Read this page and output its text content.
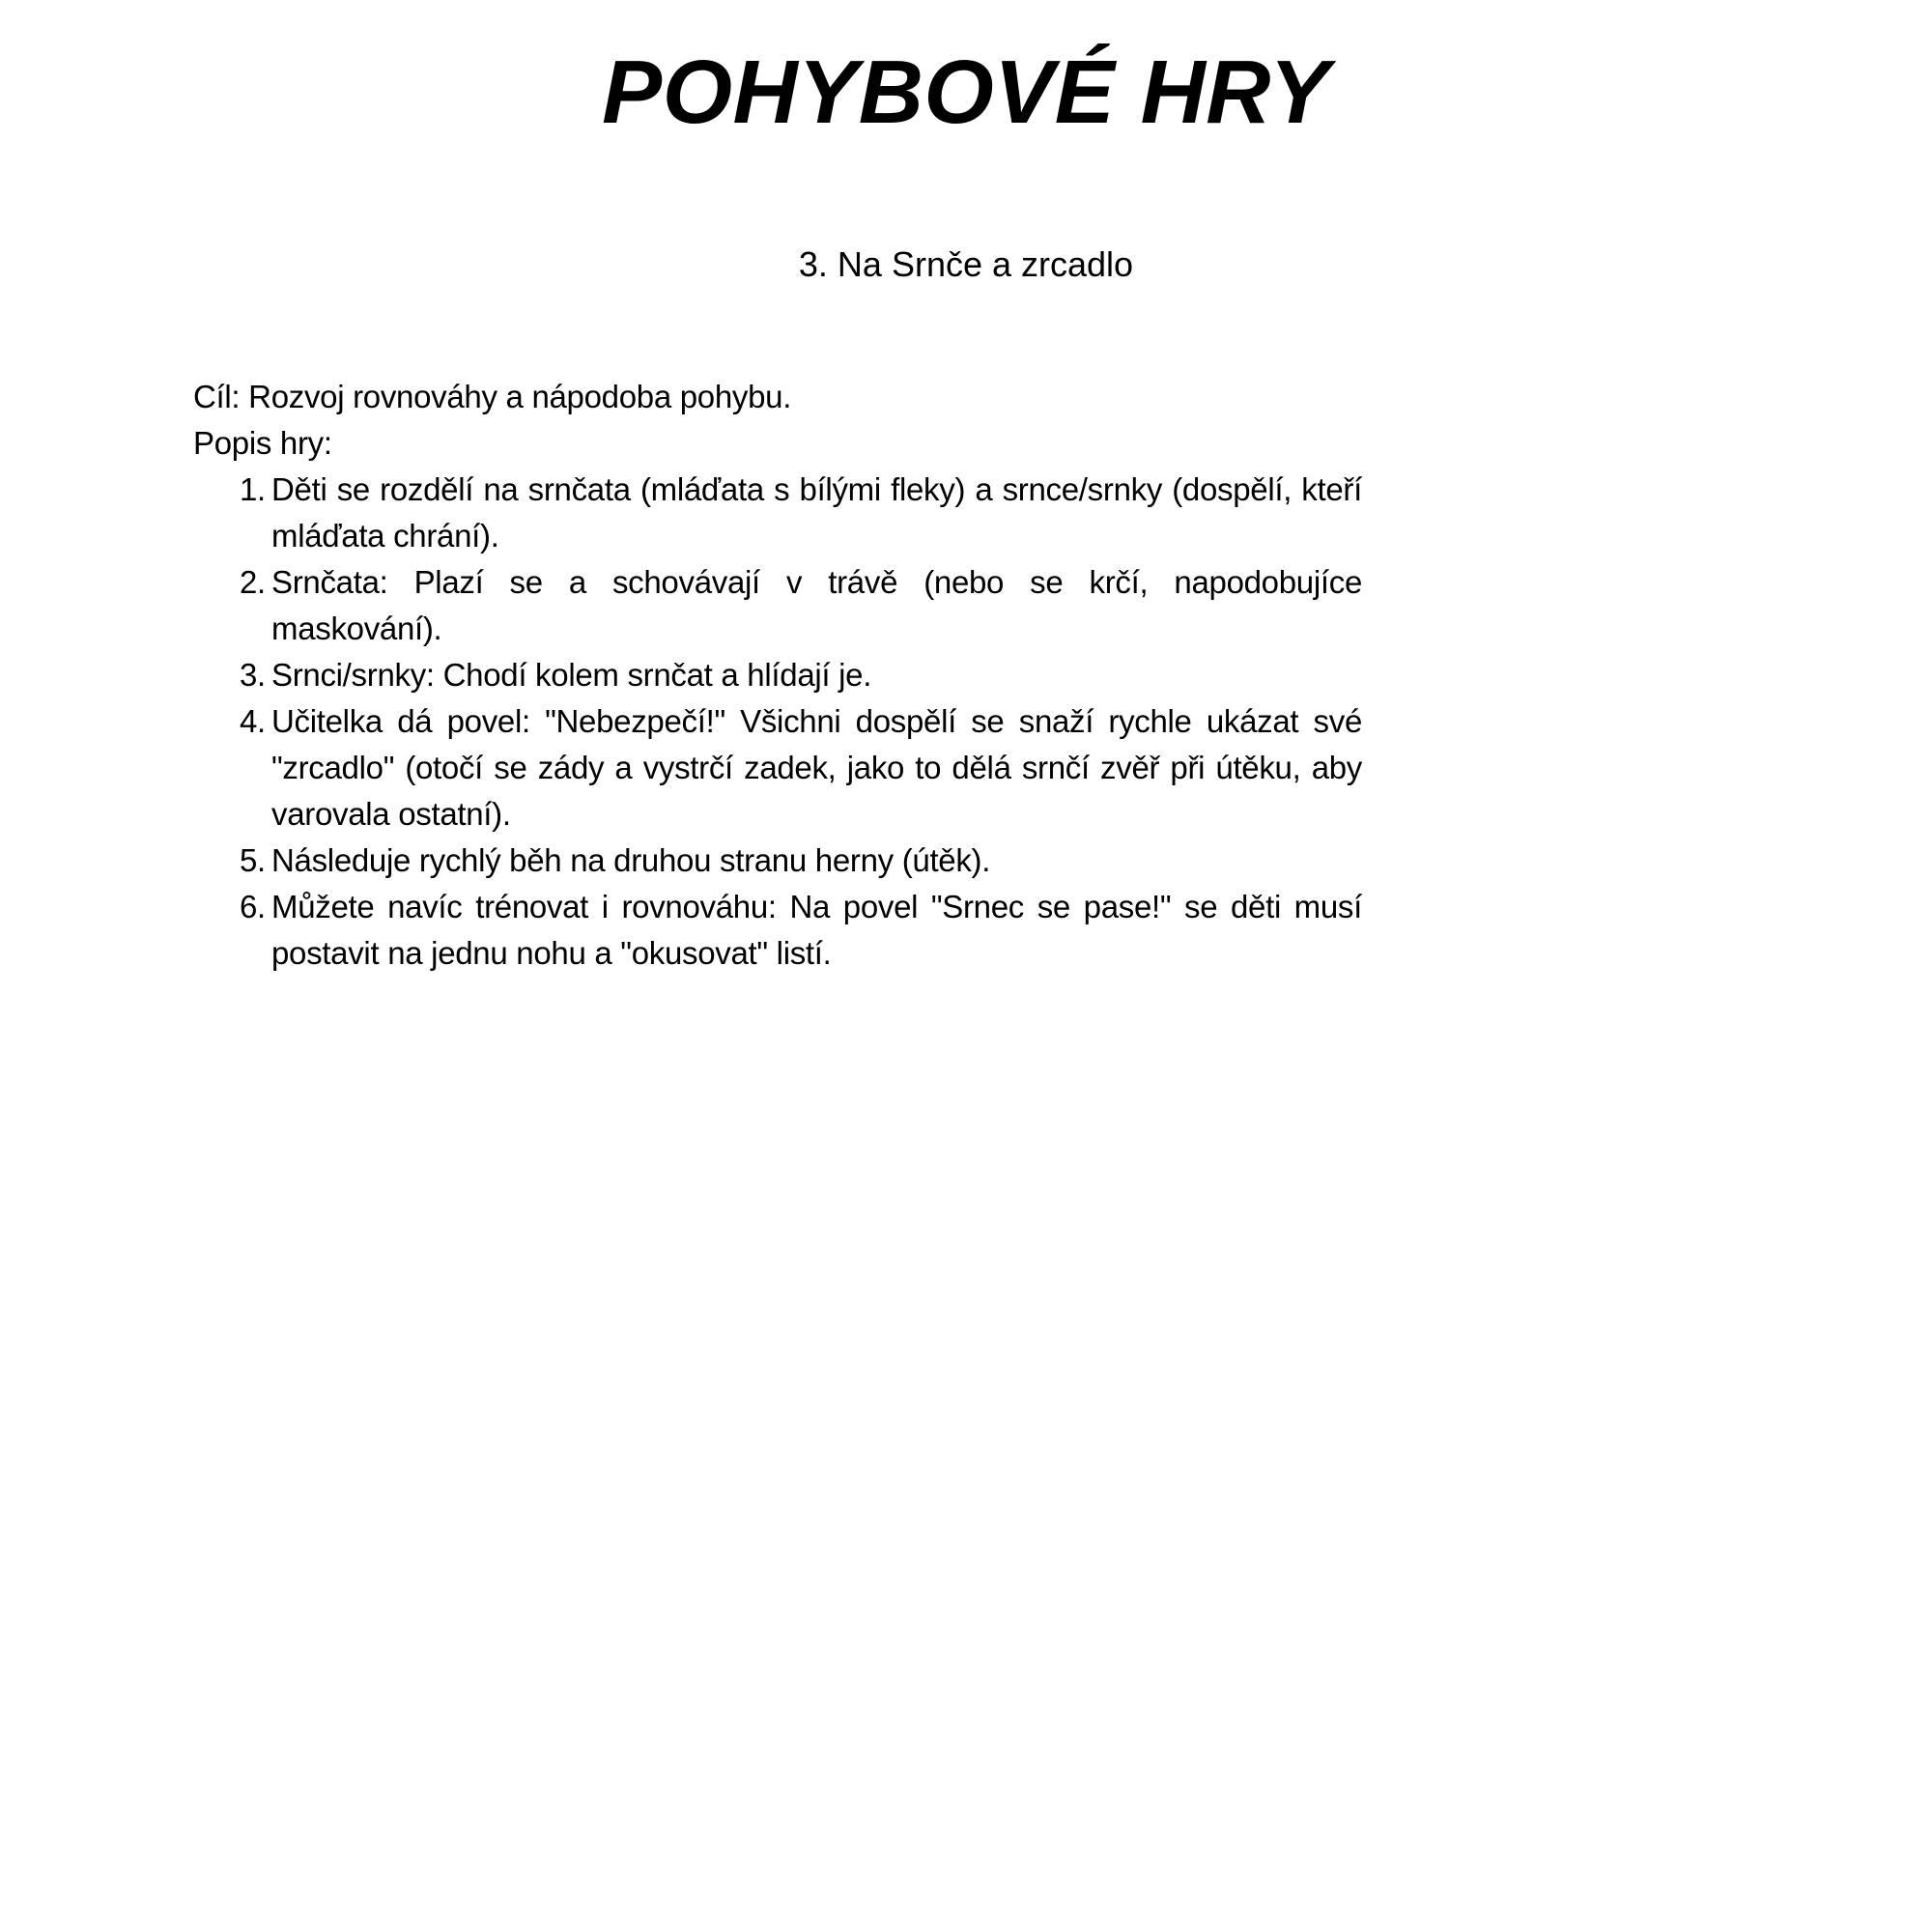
POHYBOVÉ HRY

3. Na Srnče a zrcadlo

Cíl: Rozvoj rovnováhy a nápodoba pohybu.

Popis hry:

1. Děti se rozdělí na srnčata (mláďata s bílými fleky) a srnce/srnky (dospělí, kteří mláďata chrání).
2. Srnčata: Plazí se a schovávají v trávě (nebo se krčí, napodobujíce maskování).
3. Srnci/srnky: Chodí kolem srnčat a hlídají je.
4. Učitelka dá povel: "Nebezpečí!" Všichni dospělí se snaží rychle ukázat své "zrcadlo" (otočí se zády a vystrčí zadek, jako to dělá srnčí zvěř při útěku, aby varovala ostatní).
5. Následuje rychlý běh na druhou stranu herny (útěk).
6. Můžete navíc trénovat i rovnováhu: Na povel "Srnec se pase!" se děti musí postavit na jednu nohu a "okusovat" listí.
